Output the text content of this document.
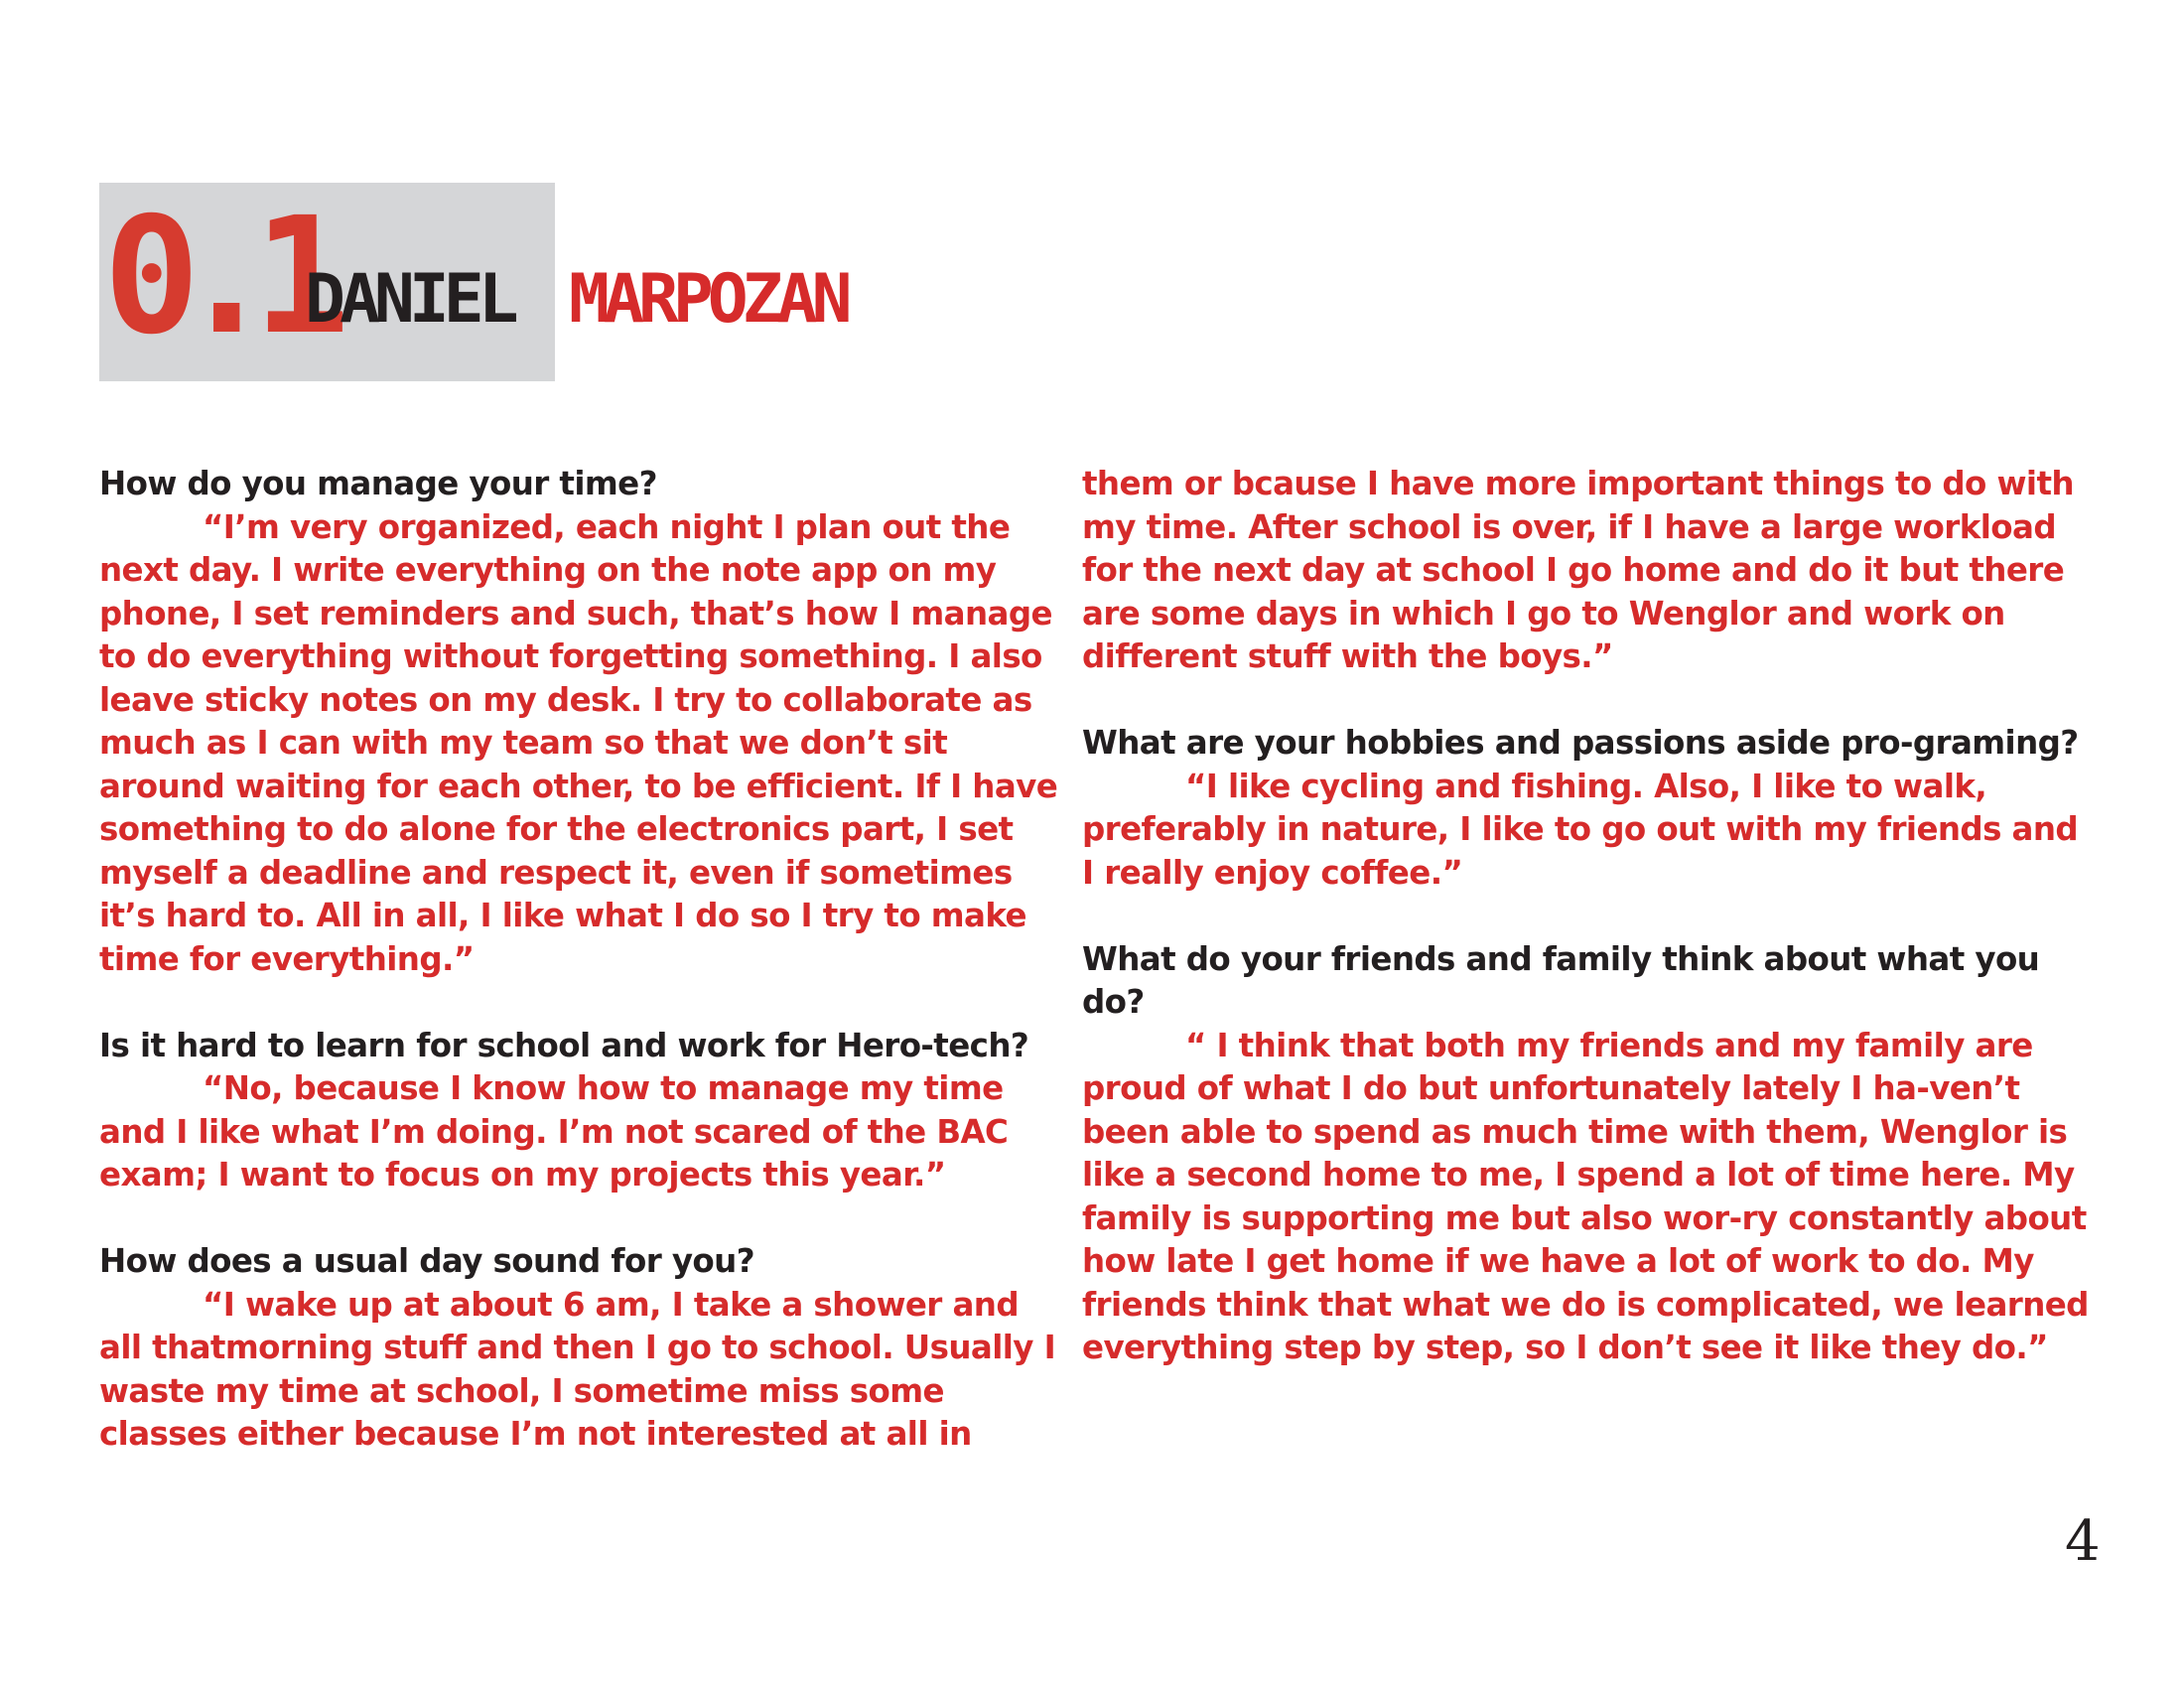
0.1
DANIEL MARPOZAN

How do you manage your time?

“I’m very organized, each night I plan out the next day. I write everything on the note app on my phone, I set reminders and such, that’s how I manage to do everything without forgetting something. I also leave sticky notes on my desk. I try to collaborate as much as I can with my team so that we don’t sit around waiting for each other, to be efficient. If I have something to do alone for the electronics part, I set myself a deadline and respect it, even if sometimes it’s hard to. All in all, I like what I do so I try to make time for everything.”

Is it hard to learn for school and work for Hero-tech?

“No, because I know how to manage my time and I like what I’m doing. I’m not scared of the BAC exam; I want to focus on my projects this year.”

How does a usual day sound for you?

“I wake up at about 6 am, I take a shower and all thatmorning stuff and then I go to school. Usually I waste my time at school, I sometime miss some classes either because I’m not interested at all in

them or bcause I have more important things to do with my time. After school is over, if I have a large workload for the next day at school I go home and do it but there are some days in which I go to Wenglor and work on different stuff with the boys.”

What are your hobbies and passions aside pro-graming?

“I like cycling and fishing. Also, I like to walk, preferably in nature, I like to go out with my friends and I really enjoy coffee.”

What do your friends and family think about what you do?

“ I think that both my friends and my family are proud of what I do but unfortunately lately I ha-ven’t been able to spend as much time with them, Wenglor is like a second home to me, I spend a lot of time here. My family is supporting me but also wor-ry constantly about how late I get home if we have a lot of work to do. My friends think that what we do is complicated, we learned everything step by step, so I don’t see it like they do.”

4
